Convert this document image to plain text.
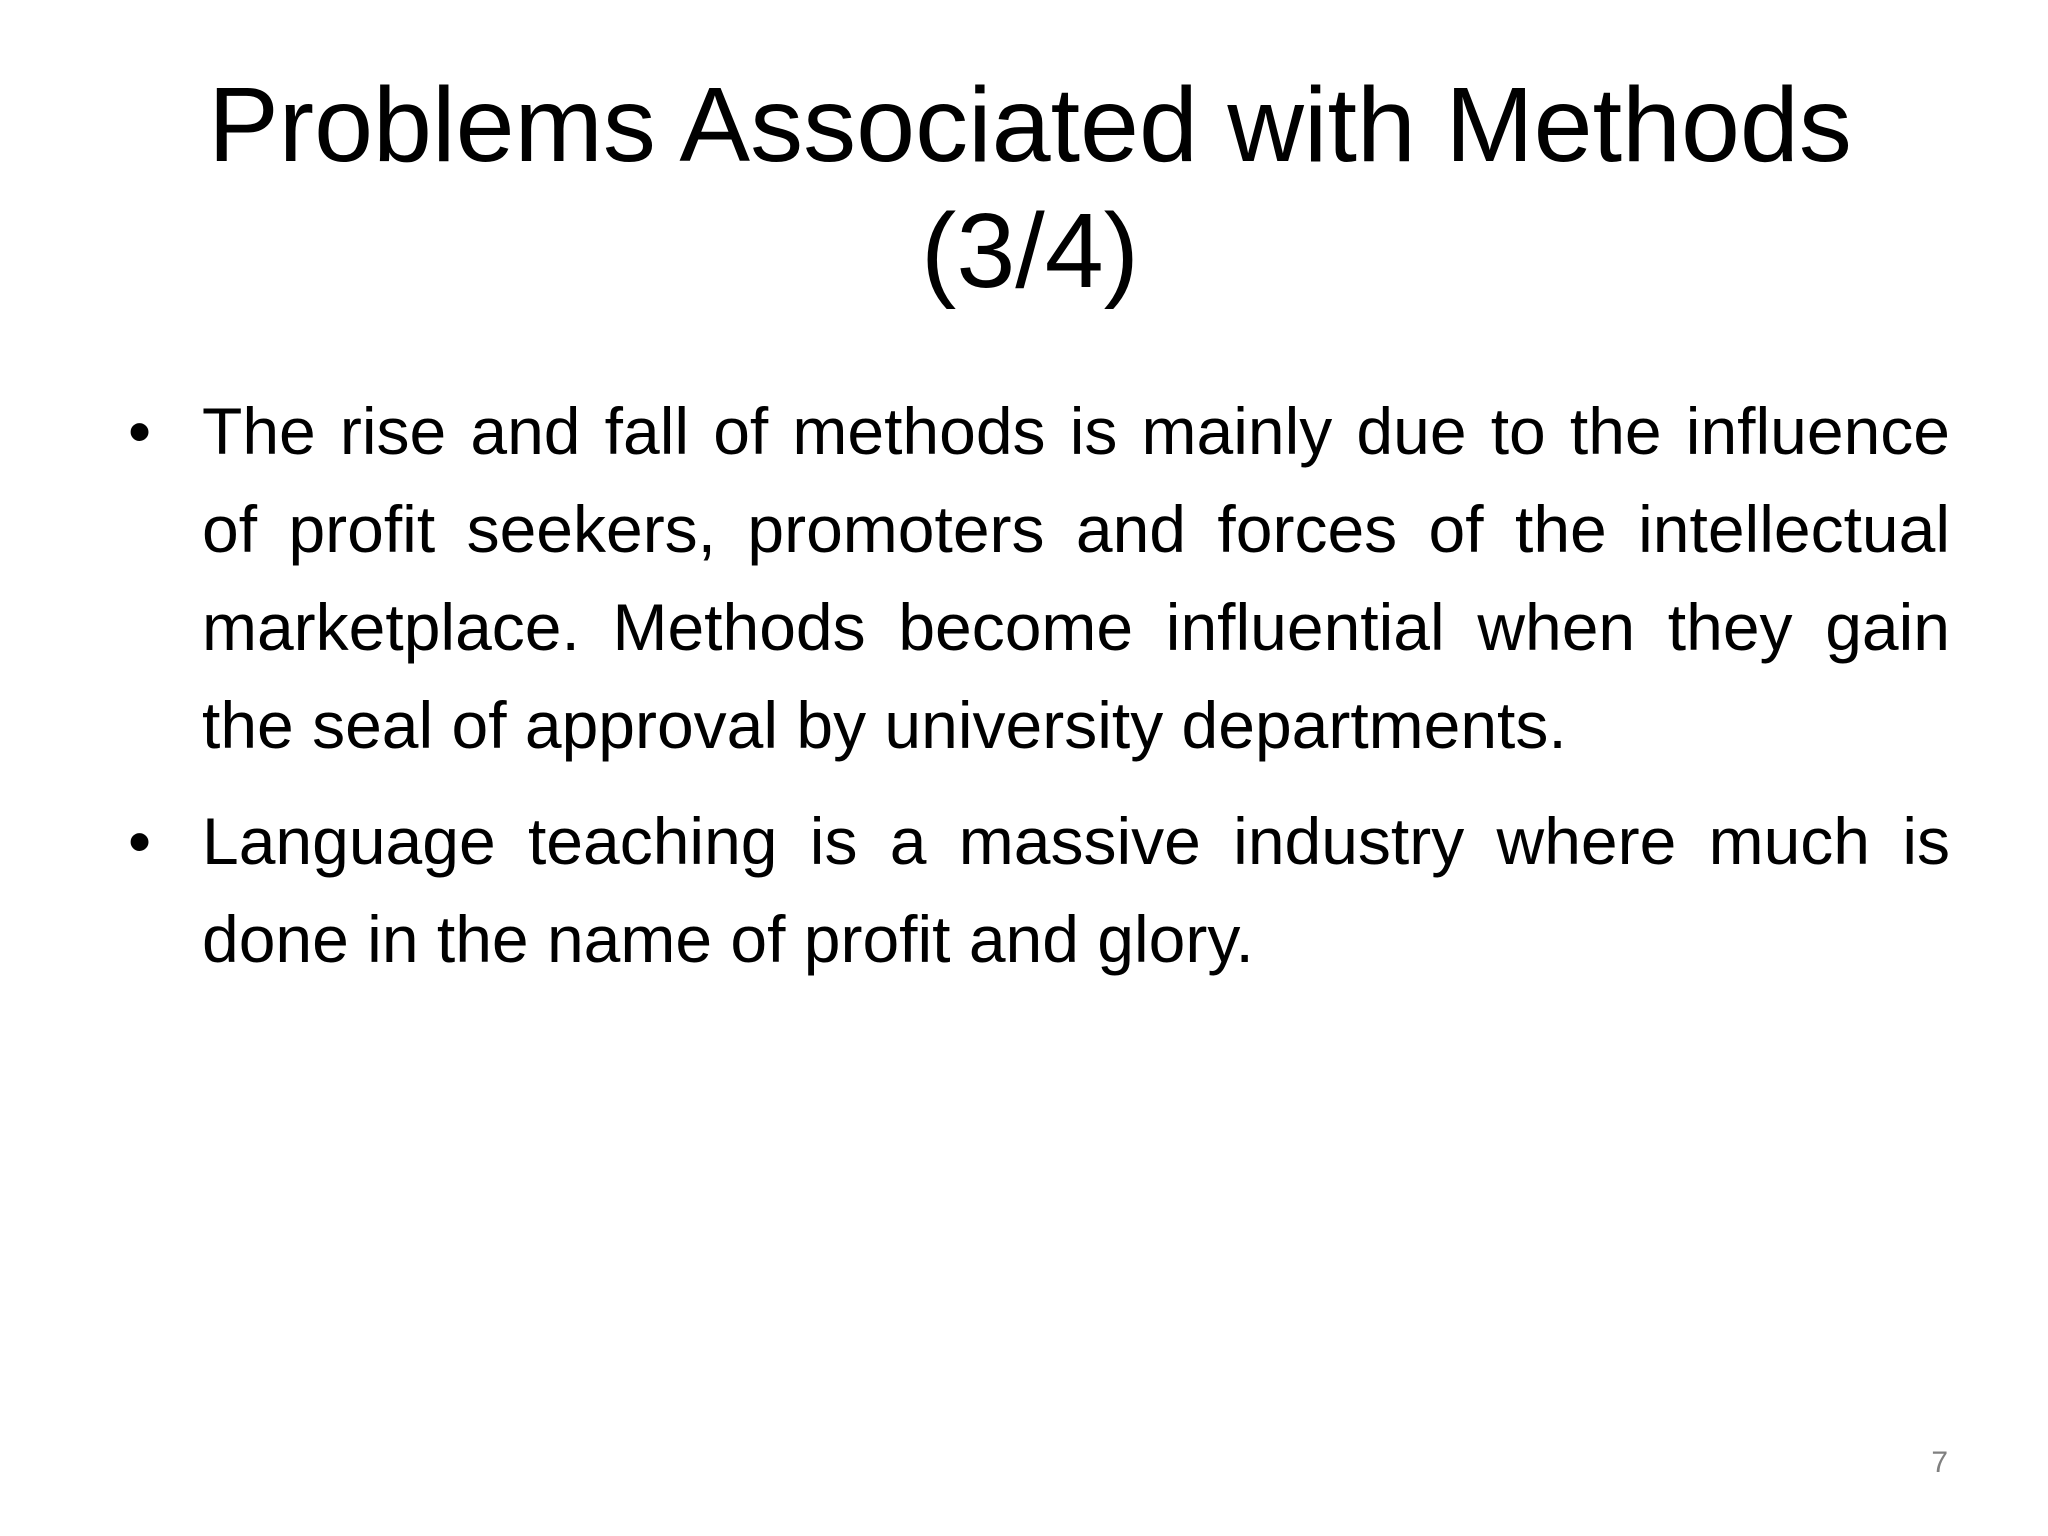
Problems Associated with Methods
(3/4)
• The rise and fall of methods is mainly due to the influence of profit seekers, promoters and forces of the intellectual marketplace. Methods become influential when they gain the seal of approval by university departments.
• Language teaching is a massive industry where much is done in the name of profit and glory.
7
